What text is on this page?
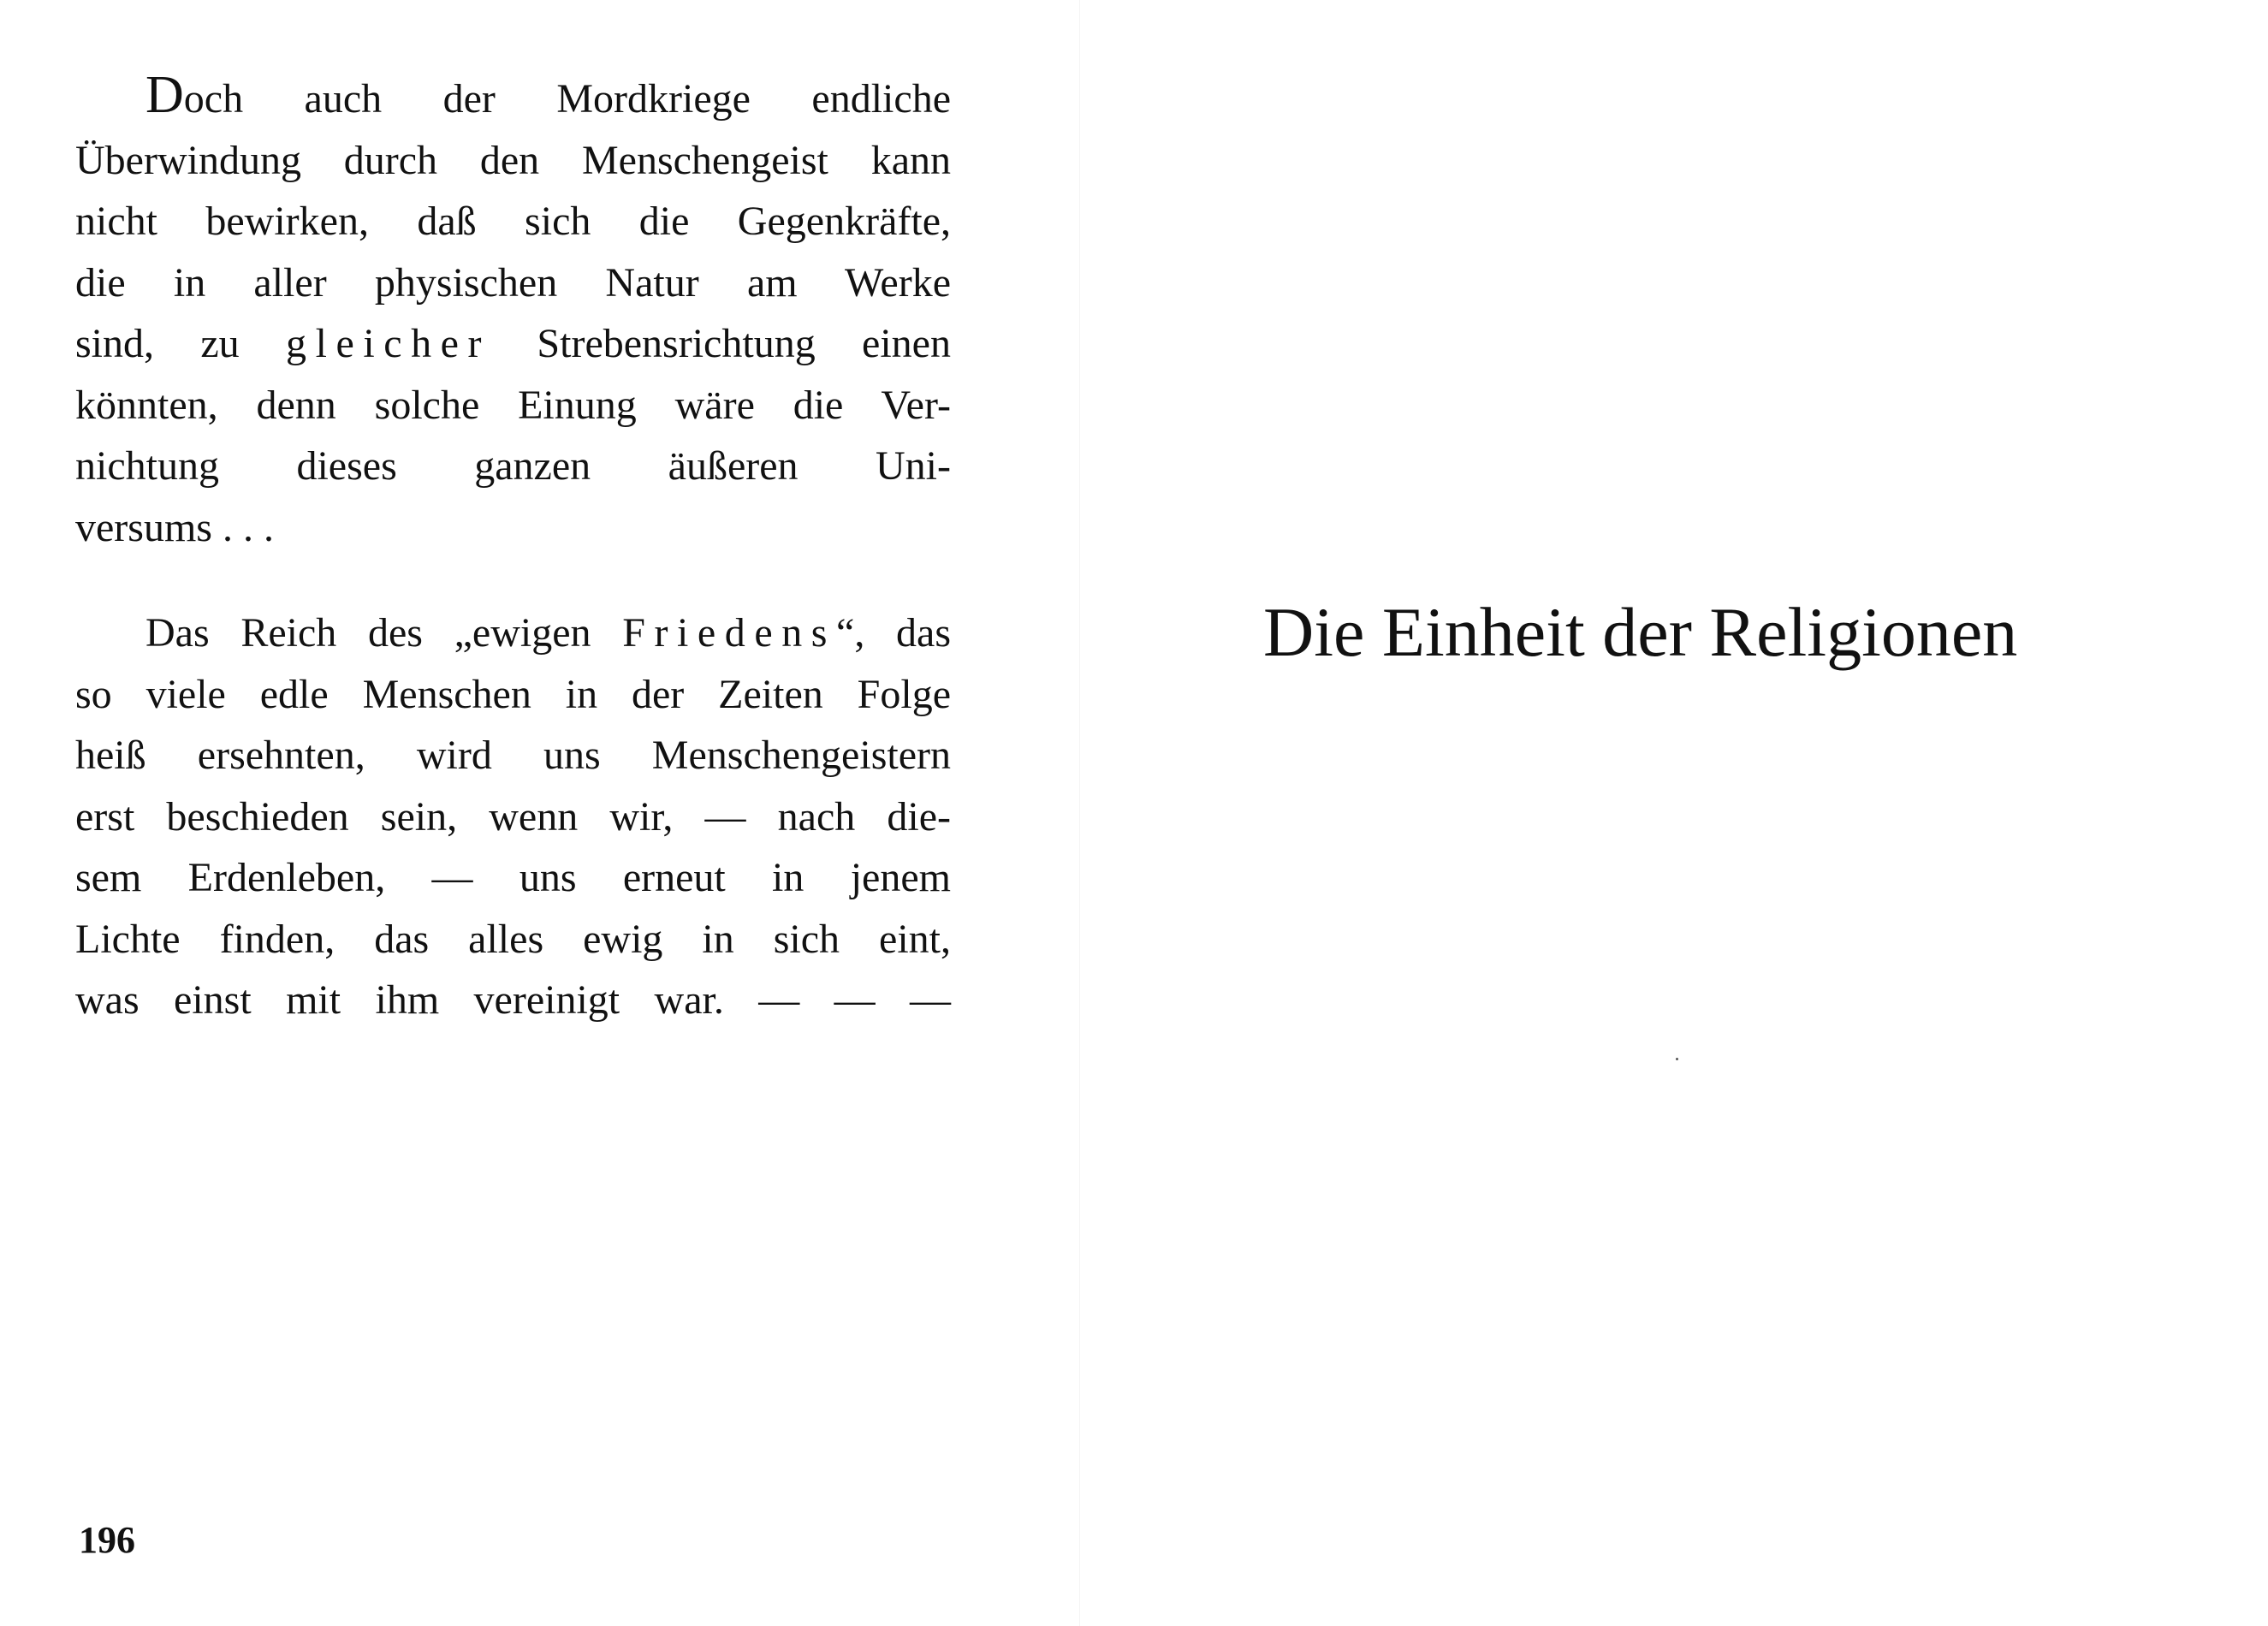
Doch auch der Mordkriege endliche
Überwindung durch den Menschengeist kann
nicht bewirken, daß sich die Gegenkräfte,
die in aller physischen Natur am Werke
sind, zu gleicher Strebensrichtung einen
könnten, denn solche Einung wäre die Ver-
nichtung dieses ganzen äußeren Uni-
versums . . .
Das Reich des „ewigen Friedens“, das
so viele edle Menschen in der Zeiten Folge
heiß ersehnten, wird uns Menschengeistern
erst beschieden sein, wenn wir, — nach die-
sem Erdenleben, — uns erneut in jenem
Lichte finden, das alles ewig in sich eint,
was einst mit ihm vereinigt war. — — —

196

Die Einheit der Religionen
